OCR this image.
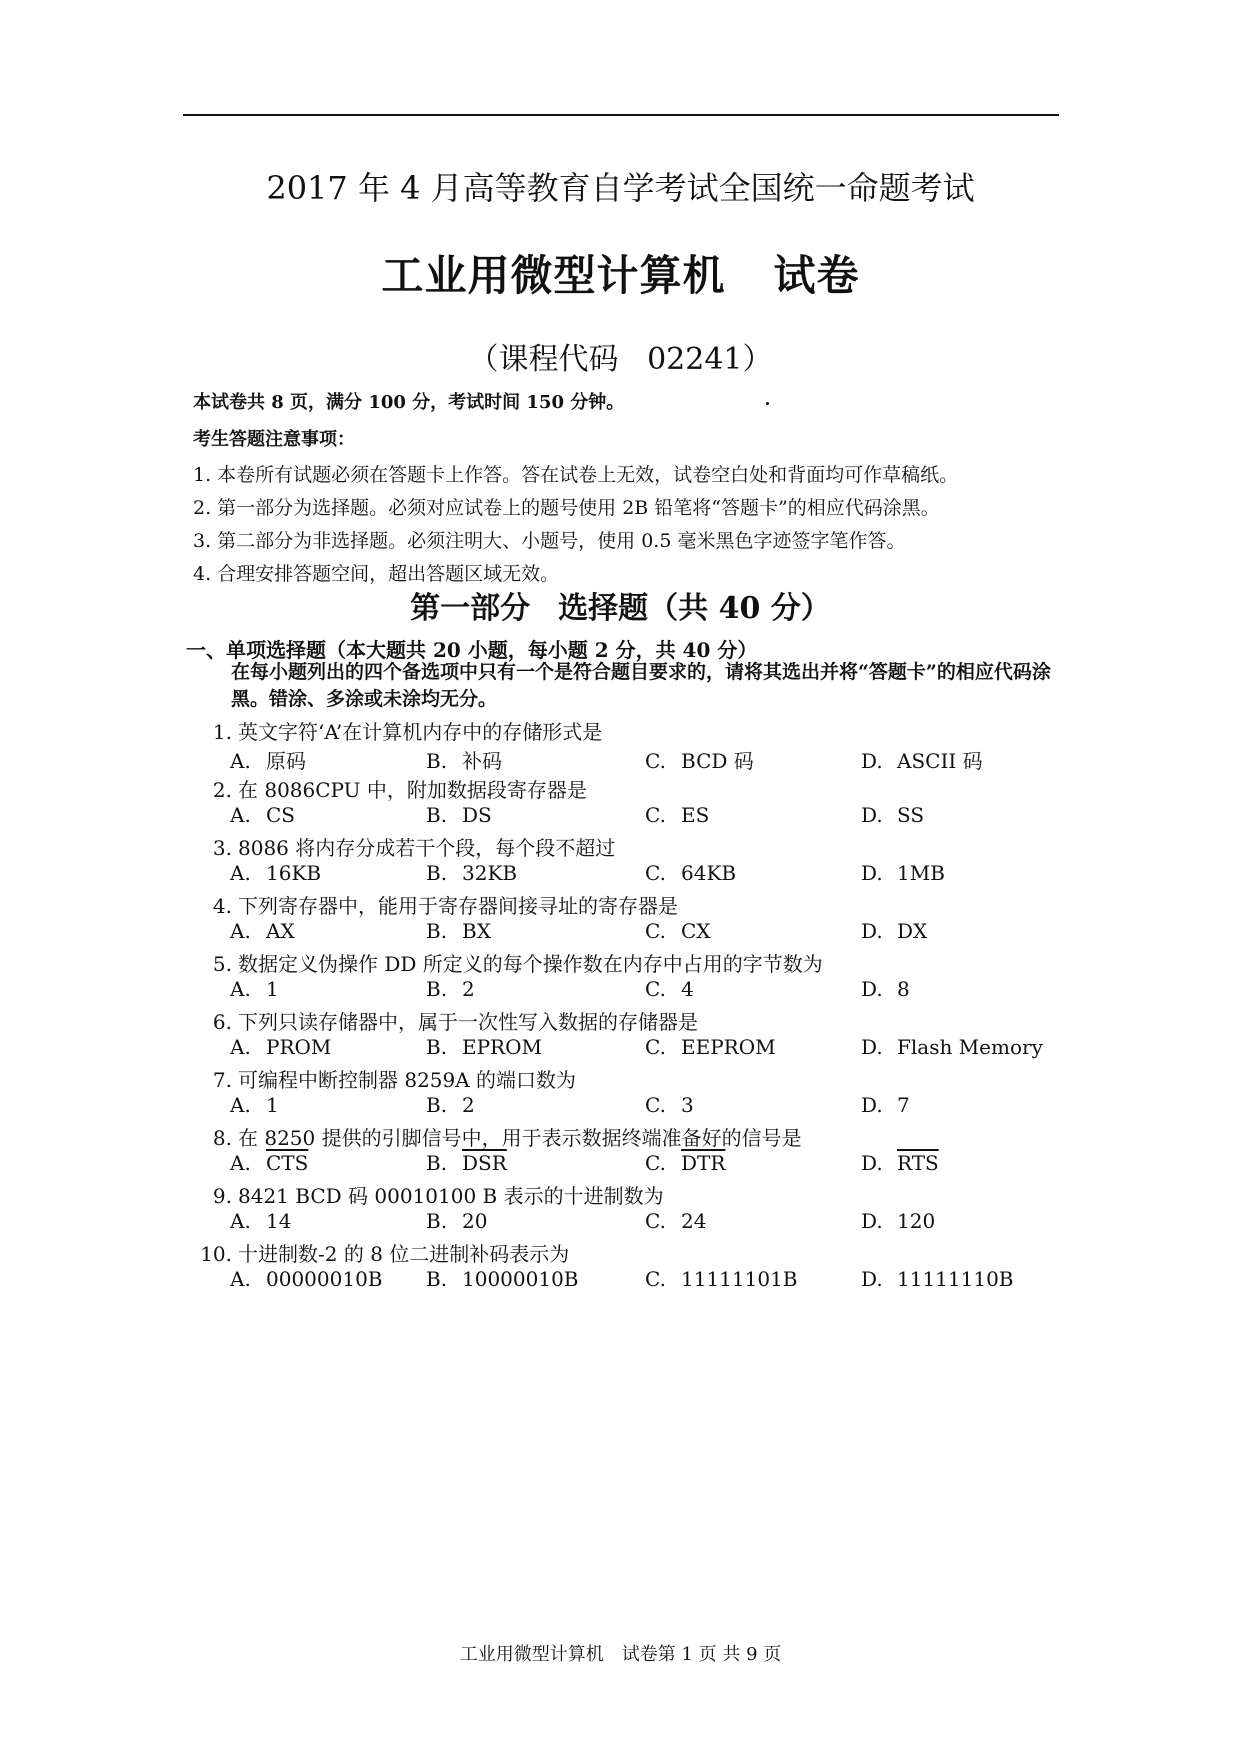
2017 年 4 月高等教育自学考试全国统一命题考试
工业用微型计算机 试卷
（课程代码 02241）
本试卷共 8 页，满分 100 分，考试时间 150 分钟。
考生答题注意事项：
1. 本卷所有试题必须在答题卡上作答。答在试卷上无效，试卷空白处和背面均可作草稿纸。
2. 第一部分为选择题。必须对应试卷上的题号使用 2B 铅笔将“答题卡”的相应代码涂黑。
3. 第二部分为非选择题。必须注明大、小题号，使用 0.5 毫米黑色字迹签字笔作答。
4. 合理安排答题空间，超出答题区域无效。
第一部分 选择题（共 40 分）
一、单项选择题（本大题共 20 小题，每小题 2 分，共 40 分）
在每小题列出的四个备选项中只有一个是符合题目要求的，请将其选出并将“答题卡”的相应代码涂黑。错涂、多涂或未涂均无分。
1. 英文字符‘A’在计算机内存中的存储形式是
A. 原码	B. 补码	C. BCD 码	D. ASCII 码
2. 在 8086CPU 中，附加数据段寄存器是
A. CS	B. DS	C. ES	D. SS
3. 8086 将内存分成若干个段，每个段不超过
A. 16KB	B. 32KB	C. 64KB	D. 1MB
4. 下列寄存器中，能用于寄存器间接寻址的寄存器是
A. AX	B. BX	C. CX	D. DX
5. 数据定义伪操作 DD 所定义的每个操作数在内存中占用的字节数为
A. 1	B. 2	C. 4	D. 8
6. 下列只读存储器中，属于一次性写入数据的存储器是
A. PROM	B. EPROM	C. EEPROM	D. Flash Memory
7. 可编程中断控制器 8259A 的端口数为
A. 1	B. 2	C. 3	D. 7
8. 在 8250 提供的引脚信号中，用于表示数据终端准备好的信号是
A. $\overline{CTS}$	B. $\overline{DSR}$	C. $\overline{DTR}$	D. $\overline{RTS}$
9. 8421 BCD 码 00010100 B 表示的十进制数为
A. 14	B. 20	C. 24	D. 120
10. 十进制数-2 的 8 位二进制补码表示为
A. 00000010B B. 10000010B	C. 11111101B	D. 11111110B
工业用微型计算机　试卷第 1 页 共 9 页
